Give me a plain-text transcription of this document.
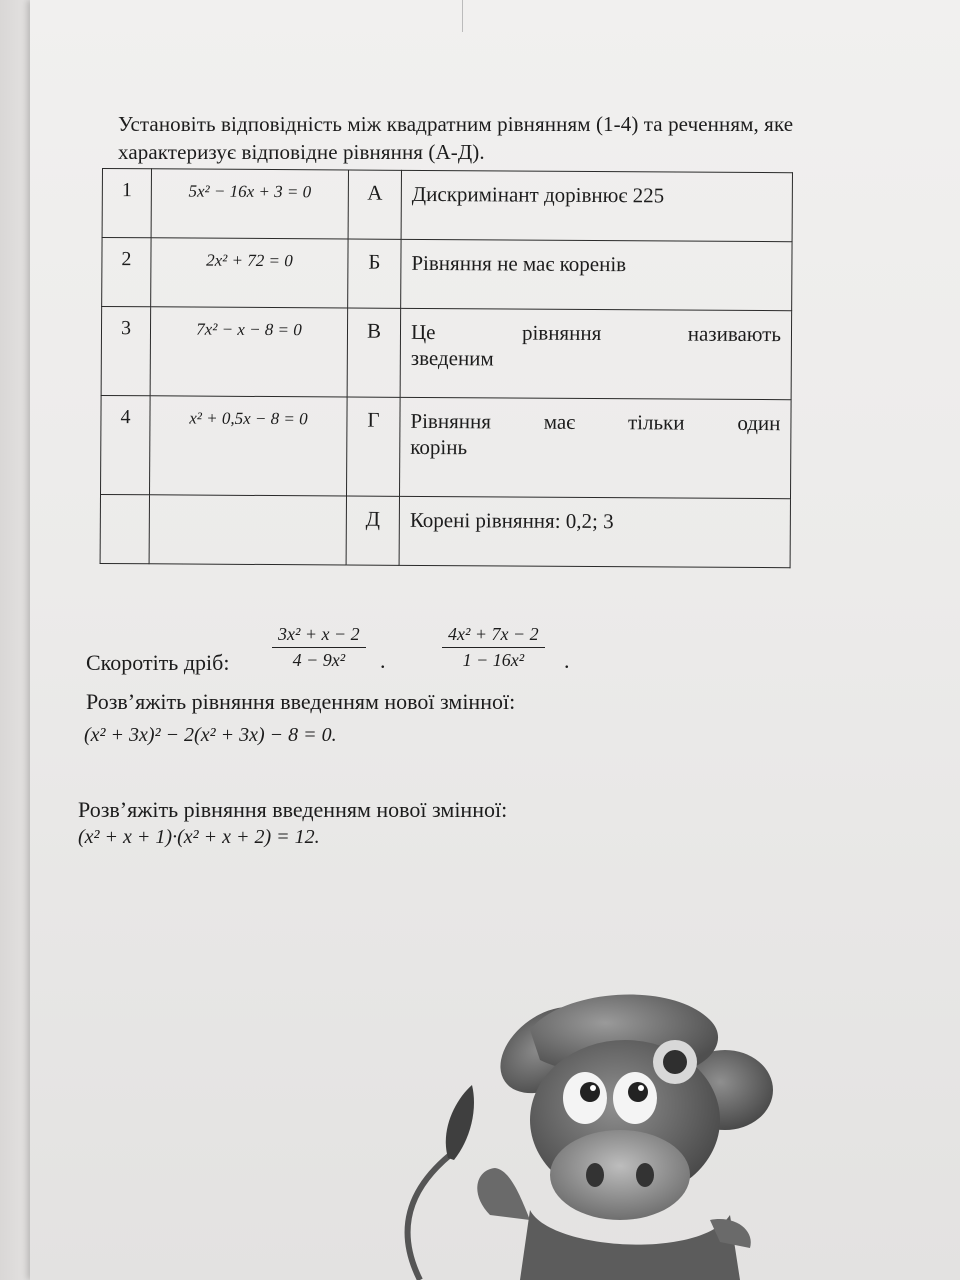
Установіть відповідність між квадратним рівнянням (1-4) та реченням, яке
характеризує відповідне рівняння (А-Д).
1	5x² − 16x + 3 = 0	А	Дискримінант дорівнює 225
2	2x² + 72 = 0	Б	Рівняння не має коренів
3	7x² − x − 8 = 0	В	Це рівняння називають
зведеним

4	x² + 0,5x − 8 = 0	Г	Рівняння має тільки один
корінь

		Д	Корені рівняння: 0,2; 3
Скоротіть дріб:
3x² + x − 2
4 − 9x²	.
4x² + 7x − 2
1 − 16x²	.
Розв’яжіть рівняння введенням нової змінної:
(x² + 3x)² − 2(x² + 3x) − 8 = 0.
Розв’яжіть рівняння введенням нової змінної:
(x² + x + 1)·(x² + x + 2) = 12.
